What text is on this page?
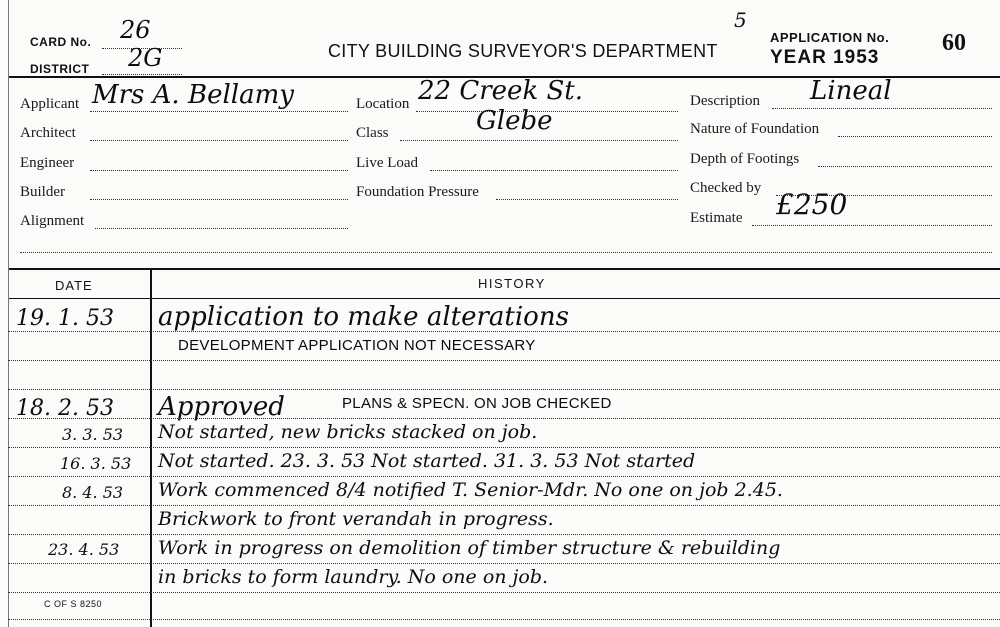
CARD No. 26
DISTRICT 2G	CITY BUILDING SURVEYOR'S DEPARTMENT
5
APPLICATION No.
YEAR 1953
60
Applicant Mrs A. Bellamy
Architect
Engineer
Builder
Alignment
Location 22 Creek St.
Class	Glebe
Live Load
Foundation Pressure
Description Lineal
Nature of Foundation
Depth of Footings
Checked by
Estimate £250
DATE	HISTORY
19. 1. 53 application to make alterations
DEVELOPMENT APPLICATION NOT NECESSARY
18. 2. 53 Approved	PLANS & SPECN. ON JOB CHECKED
3. 3. 53 Not started, new bricks stacked on job.
16. 3. 53 Not started. 23. 3. 53 Not started. 31. 3. 53 Not started
8. 4. 53 Work commenced 8/4 notified T. Senior-Mdr. No one on job 2.45.
Brickwork to front verandah in progress.
23. 4. 53 Work in progress on demolition of timber structure & rebuilding
in bricks to form laundry. No one on job.
C OF S 8250
